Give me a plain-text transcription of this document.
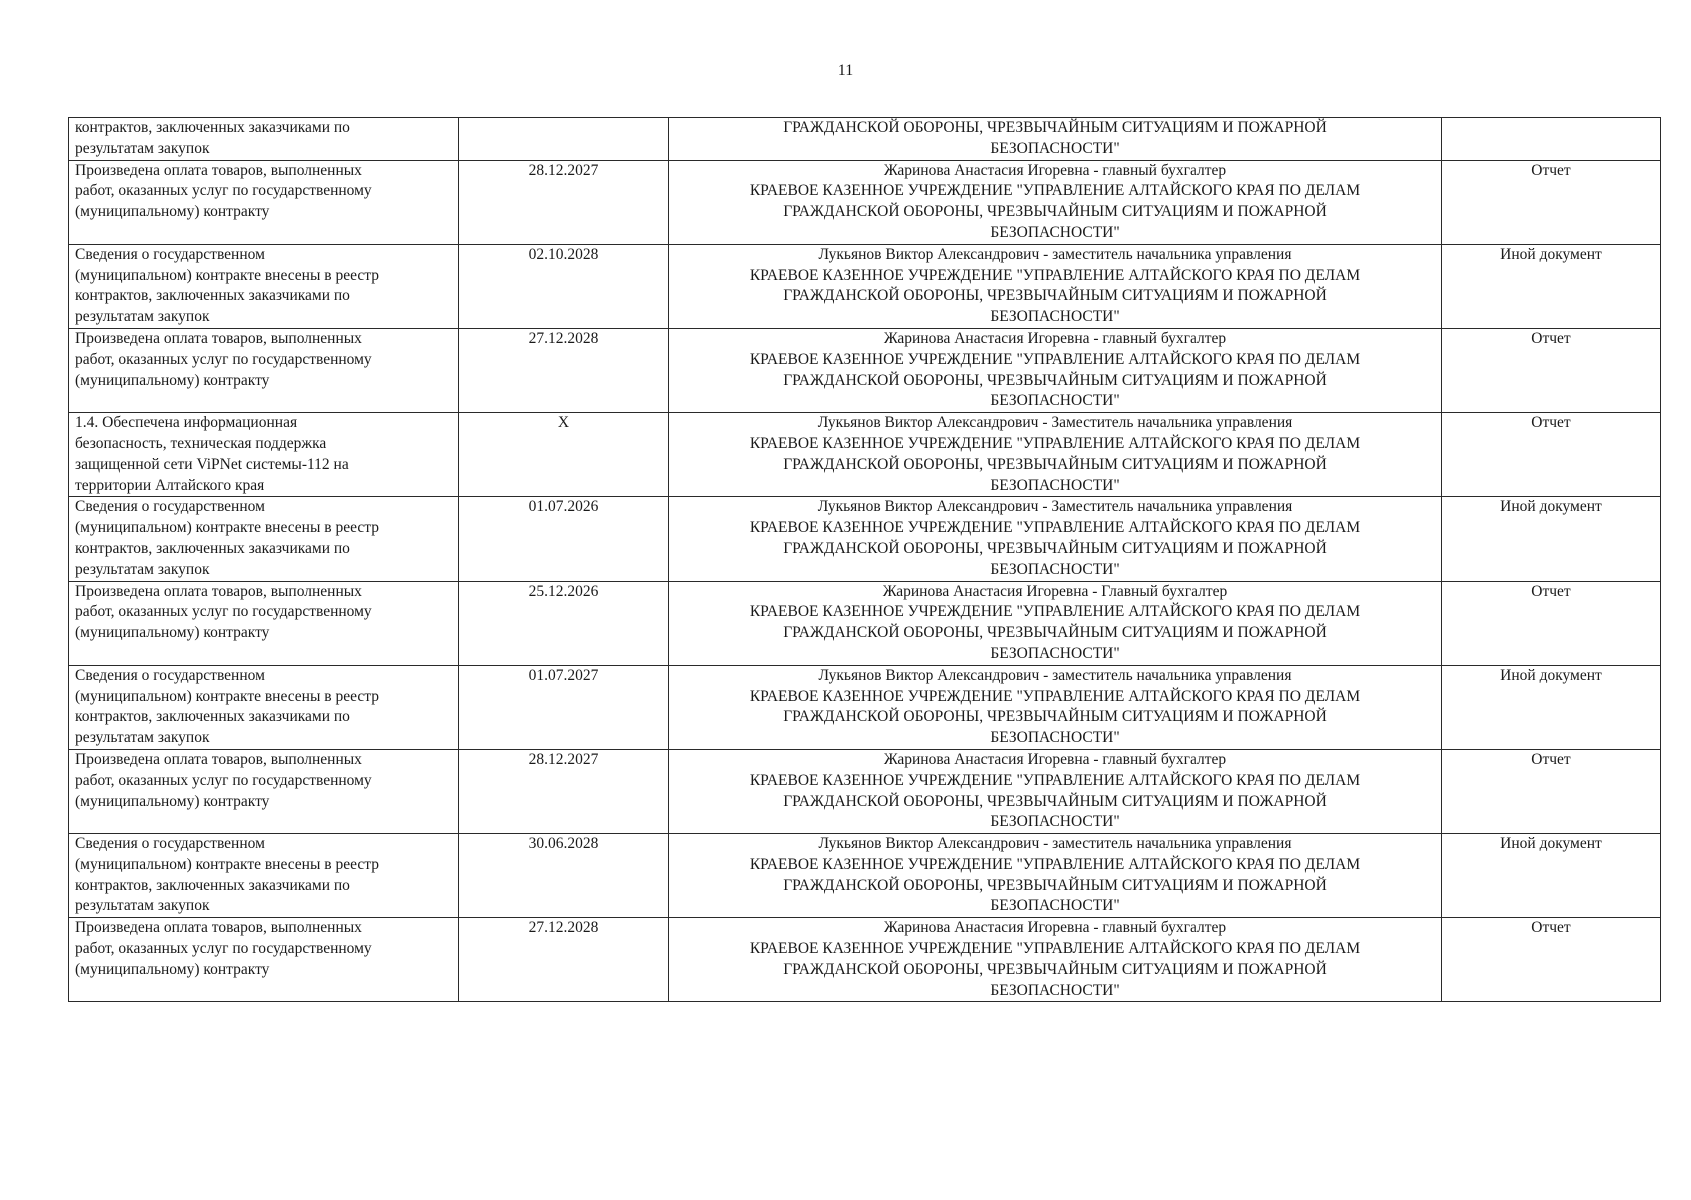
11
контрактов, заключенных заказчиками по
результатам закупок		ГРАЖДАНСКОЙ ОБОРОНЫ, ЧРЕЗВЫЧАЙНЫМ СИТУАЦИЯМ И ПОЖАРНОЙ
БЕЗОПАСНОСТИ"	

Произведена оплата товаров, выполненных
работ, оказанных услуг по государственному
(муниципальному) контракту	28.12.2027	Жаринова Анастасия Игоревна - главный бухгалтер
КРАЕВОЕ КАЗЕННОЕ УЧРЕЖДЕНИЕ "УПРАВЛЕНИЕ АЛТАЙСКОГО КРАЯ ПО ДЕЛАМ
ГРАЖДАНСКОЙ ОБОРОНЫ, ЧРЕЗВЫЧАЙНЫМ СИТУАЦИЯМ И ПОЖАРНОЙ
БЕЗОПАСНОСТИ"	Отчет

Сведения о государственном
(муниципальном) контракте внесены в реестр
контрактов, заключенных заказчиками по
результатам закупок	02.10.2028	Лукьянов Виктор Александрович - заместитель начальника управления
КРАЕВОЕ КАЗЕННОЕ УЧРЕЖДЕНИЕ "УПРАВЛЕНИЕ АЛТАЙСКОГО КРАЯ ПО ДЕЛАМ
ГРАЖДАНСКОЙ ОБОРОНЫ, ЧРЕЗВЫЧАЙНЫМ СИТУАЦИЯМ И ПОЖАРНОЙ
БЕЗОПАСНОСТИ"	Иной документ

Произведена оплата товаров, выполненных
работ, оказанных услуг по государственному
(муниципальному) контракту	27.12.2028	Жаринова Анастасия Игоревна - главный бухгалтер
КРАЕВОЕ КАЗЕННОЕ УЧРЕЖДЕНИЕ "УПРАВЛЕНИЕ АЛТАЙСКОГО КРАЯ ПО ДЕЛАМ
ГРАЖДАНСКОЙ ОБОРОНЫ, ЧРЕЗВЫЧАЙНЫМ СИТУАЦИЯМ И ПОЖАРНОЙ
БЕЗОПАСНОСТИ"	Отчет

1.4. Обеспечена информационная
безопасность, техническая поддержка
защищенной сети ViPNet системы-112 на
территории Алтайского края	X	Лукьянов Виктор Александрович - Заместитель начальника управления
КРАЕВОЕ КАЗЕННОЕ УЧРЕЖДЕНИЕ "УПРАВЛЕНИЕ АЛТАЙСКОГО КРАЯ ПО ДЕЛАМ
ГРАЖДАНСКОЙ ОБОРОНЫ, ЧРЕЗВЫЧАЙНЫМ СИТУАЦИЯМ И ПОЖАРНОЙ
БЕЗОПАСНОСТИ"	Отчет

Сведения о государственном
(муниципальном) контракте внесены в реестр
контрактов, заключенных заказчиками по
результатам закупок	01.07.2026	Лукьянов Виктор Александрович - Заместитель начальника управления
КРАЕВОЕ КАЗЕННОЕ УЧРЕЖДЕНИЕ "УПРАВЛЕНИЕ АЛТАЙСКОГО КРАЯ ПО ДЕЛАМ
ГРАЖДАНСКОЙ ОБОРОНЫ, ЧРЕЗВЫЧАЙНЫМ СИТУАЦИЯМ И ПОЖАРНОЙ
БЕЗОПАСНОСТИ"	Иной документ

Произведена оплата товаров, выполненных
работ, оказанных услуг по государственному
(муниципальному) контракту	25.12.2026	Жаринова Анастасия Игоревна - Главный бухгалтер
КРАЕВОЕ КАЗЕННОЕ УЧРЕЖДЕНИЕ "УПРАВЛЕНИЕ АЛТАЙСКОГО КРАЯ ПО ДЕЛАМ
ГРАЖДАНСКОЙ ОБОРОНЫ, ЧРЕЗВЫЧАЙНЫМ СИТУАЦИЯМ И ПОЖАРНОЙ
БЕЗОПАСНОСТИ"	Отчет

Сведения о государственном
(муниципальном) контракте внесены в реестр
контрактов, заключенных заказчиками по
результатам закупок	01.07.2027	Лукьянов Виктор Александрович - заместитель начальника управления
КРАЕВОЕ КАЗЕННОЕ УЧРЕЖДЕНИЕ "УПРАВЛЕНИЕ АЛТАЙСКОГО КРАЯ ПО ДЕЛАМ
ГРАЖДАНСКОЙ ОБОРОНЫ, ЧРЕЗВЫЧАЙНЫМ СИТУАЦИЯМ И ПОЖАРНОЙ
БЕЗОПАСНОСТИ"	Иной документ

Произведена оплата товаров, выполненных
работ, оказанных услуг по государственному
(муниципальному) контракту	28.12.2027	Жаринова Анастасия Игоревна - главный бухгалтер
КРАЕВОЕ КАЗЕННОЕ УЧРЕЖДЕНИЕ "УПРАВЛЕНИЕ АЛТАЙСКОГО КРАЯ ПО ДЕЛАМ
ГРАЖДАНСКОЙ ОБОРОНЫ, ЧРЕЗВЫЧАЙНЫМ СИТУАЦИЯМ И ПОЖАРНОЙ
БЕЗОПАСНОСТИ"	Отчет

Сведения о государственном
(муниципальном) контракте внесены в реестр
контрактов, заключенных заказчиками по
результатам закупок	30.06.2028	Лукьянов Виктор Александрович - заместитель начальника управления
КРАЕВОЕ КАЗЕННОЕ УЧРЕЖДЕНИЕ "УПРАВЛЕНИЕ АЛТАЙСКОГО КРАЯ ПО ДЕЛАМ
ГРАЖДАНСКОЙ ОБОРОНЫ, ЧРЕЗВЫЧАЙНЫМ СИТУАЦИЯМ И ПОЖАРНОЙ
БЕЗОПАСНОСТИ"	Иной документ

Произведена оплата товаров, выполненных
работ, оказанных услуг по государственному
(муниципальному) контракту	27.12.2028	Жаринова Анастасия Игоревна - главный бухгалтер
КРАЕВОЕ КАЗЕННОЕ УЧРЕЖДЕНИЕ "УПРАВЛЕНИЕ АЛТАЙСКОГО КРАЯ ПО ДЕЛАМ
ГРАЖДАНСКОЙ ОБОРОНЫ, ЧРЕЗВЫЧАЙНЫМ СИТУАЦИЯМ И ПОЖАРНОЙ
БЕЗОПАСНОСТИ"	Отчет
